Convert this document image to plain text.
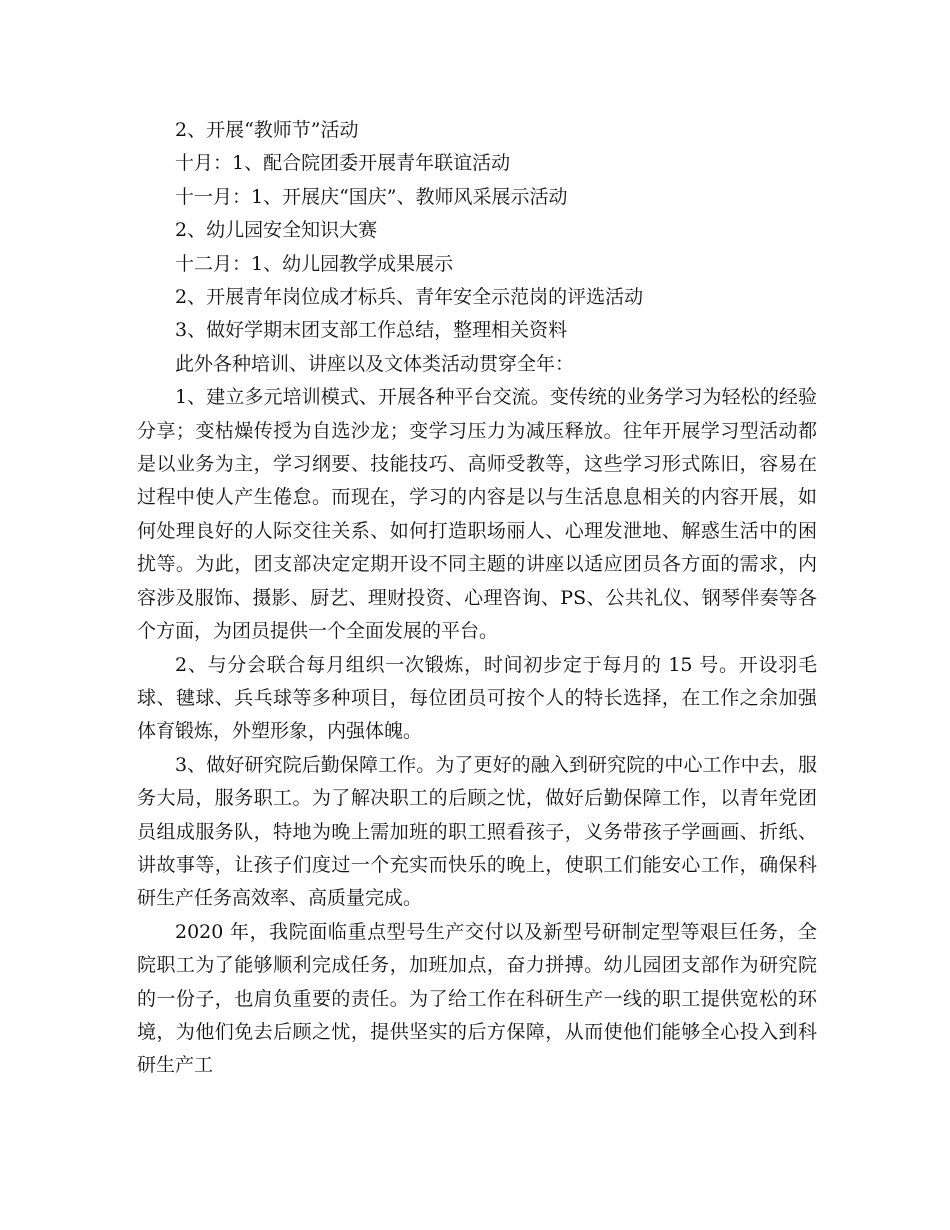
2、开展“教师节”活动

十月：1、配合院团委开展青年联谊活动

十一月：1、开展庆“国庆”、教师风采展示活动

2、幼儿园安全知识大赛

十二月：1、幼儿园教学成果展示

2、开展青年岗位成才标兵、青年安全示范岗的评选活动

3、做好学期末团支部工作总结，整理相关资料

此外各种培训、讲座以及文体类活动贯穿全年：

1、建立多元培训模式、开展各种平台交流。变传统的业务学习为轻松的经验分享；变枯燥传授为自选沙龙；变学习压力为减压释放。往年开展学习型活动都是以业务为主，学习纲要、技能技巧、高师受教等，这些学习形式陈旧，容易在过程中使人产生倦怠。而现在，学习的内容是以与生活息息相关的内容开展，如何处理良好的人际交往关系、如何打造职场丽人、心理发泄地、解惑生活中的困扰等。为此，团支部决定定期开设不同主题的讲座以适应团员各方面的需求，内容涉及服饰、摄影、厨艺、理财投资、心理咨询、PS、公共礼仪、钢琴伴奏等各个方面，为团员提供一个全面发展的平台。

2、与分会联合每月组织一次锻炼，时间初步定于每月的 15 号。开设羽毛球、毽球、兵乓球等多种项目，每位团员可按个人的特长选择，在工作之余加强体育锻炼，外塑形象，内强体魄。

3、做好研究院后勤保障工作。为了更好的融入到研究院的中心工作中去，服务大局，服务职工。为了解决职工的后顾之忧，做好后勤保障工作，以青年党团员组成服务队，特地为晚上需加班的职工照看孩子，义务带孩子学画画、折纸、讲故事等，让孩子们度过一个充实而快乐的晚上，使职工们能安心工作，确保科研生产任务高效率、高质量完成。

2020 年，我院面临重点型号生产交付以及新型号研制定型等艰巨任务，全院职工为了能够顺利完成任务，加班加点，奋力拼搏。幼儿园团支部作为研究院的一份子，也肩负重要的责任。为了给工作在科研生产一线的职工提供宽松的环境，为他们免去后顾之忧，提供坚实的后方保障，从而使他们能够全心投入到科研生产工
